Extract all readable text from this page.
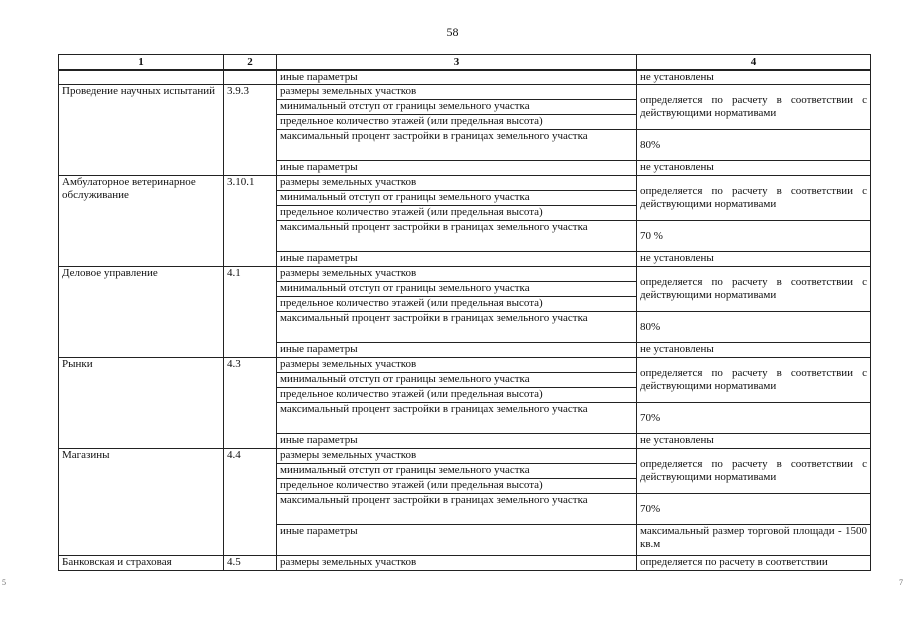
58
1	2	3	4
		иные параметры	не установлены
Проведение научных испытаний	3.9.3	размеры земельных участков	определяется по расчету в соответствии с действующими нормативами
		минимальный отступ от границы земельного участка	
		предельное количество этажей (или предельная высота)	
		максимальный процент застройки в границах земельного участка	80%
		иные параметры	не установлены
Амбулаторное ветеринарное обслуживание	3.10.1	размеры земельных участков	определяется по расчету в соответствии с действующими нормативами
		минимальный отступ от границы земельного участка	
		предельное количество этажей (или предельная высота)	
		максимальный процент застройки в границах земельного участка	70 %
		иные параметры	не установлены
Деловое управление	4.1	размеры земельных участков	определяется по расчету в соответствии с действующими нормативами
		минимальный отступ от границы земельного участка	
		предельное количество этажей (или предельная высота)	
		максимальный процент застройки в границах земельного участка	80%
		иные параметры	не установлены
Рынки	4.3	размеры земельных участков	определяется по расчету в соответствии с действующими нормативами
		минимальный отступ от границы земельного участка	
		предельное количество этажей (или предельная высота)	
		максимальный процент застройки в границах земельного участка	70%
		иные параметры	не установлены
Магазины	4.4	размеры земельных участков	определяется по расчету в соответствии с действующими нормативами
		минимальный отступ от границы земельного участка	
		предельное количество этажей (или предельная высота)	
		максимальный процент застройки в границах земельного участка	70%
		иные параметры	максимальный размер торговой площади - 1500 кв.м
Банковская и страховая	4.5	размеры земельных участков	определяется по расчету в соответствии
5	7
